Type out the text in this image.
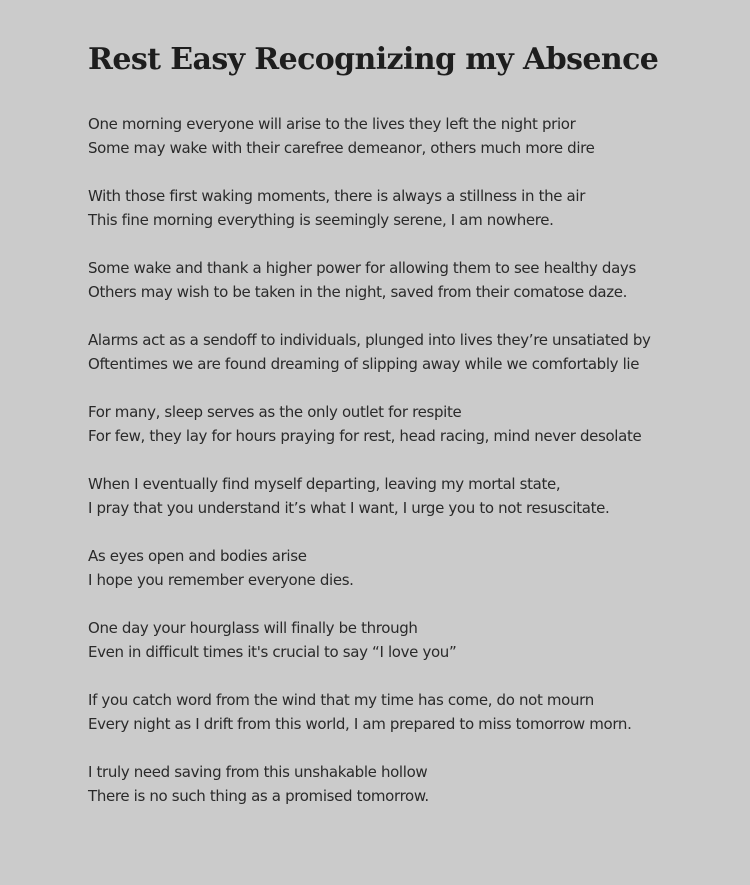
Rest Easy Recognizing my Absence
One morning everyone will arise to the lives they left the night prior
Some may wake with their carefree demeanor, others much more dire
With those first waking moments, there is always a stillness in the air
This fine morning everything is seemingly serene, I am nowhere.
Some wake and thank a higher power for allowing them to see healthy days
Others may wish to be taken in the night, saved from their comatose daze.
Alarms act as a sendoff to individuals, plunged into lives they’re unsatiated by
Oftentimes we are found dreaming of slipping away while we comfortably lie
For many, sleep serves as the only outlet for respite
For few, they lay for hours praying for rest, head racing, mind never desolate
When I eventually find myself departing, leaving my mortal state,
I pray that you understand it’s what I want, I urge you to not resuscitate.
As eyes open and bodies arise
I hope you remember everyone dies.
One day your hourglass will finally be through
Even in difficult times it's crucial to say “I love you”
If you catch word from the wind that my time has come, do not mourn
Every night as I drift from this world, I am prepared to miss tomorrow morn.
I truly need saving from this unshakable hollow
There is no such thing as a promised tomorrow.
